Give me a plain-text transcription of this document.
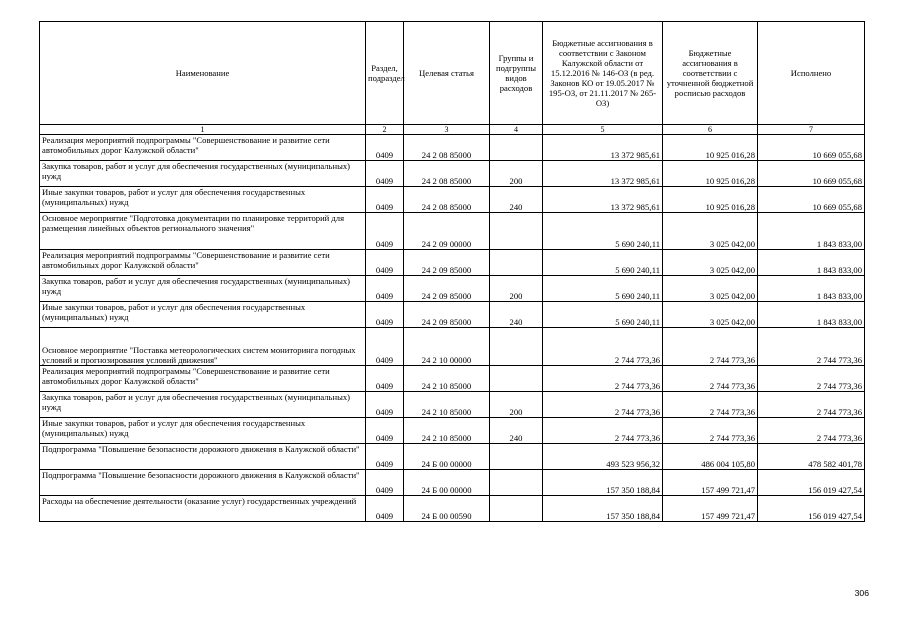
Наименование	Раздел, подраздел	Целевая статья	Группы и подгруппы видов расходов	Бюджетные ассигнования в соответствии с Законом Калужской области от 15.12.2016 № 146-ОЗ (в ред. Законов КО от 19.05.2017 № 195-ОЗ, от 21.11.2017 № 265-ОЗ)	Бюджетные ассигнования в соответствии с уточненной бюджетной росписью расходов	Исполнено
1	2	3	4	5	6	7
Реализация мероприятий подпрограммы "Совершенствование и развитие сети автомобильных дорог Калужской области"	0409	24 2 08 85000		13 372 985,61	10 925 016,28	10 669 055,68
Закупка товаров, работ и услуг для обеспечения государственных (муниципальных) нужд	0409	24 2 08 85000	200	13 372 985,61	10 925 016,28	10 669 055,68
Иные закупки товаров, работ и услуг для обеспечения государственных (муниципальных) нужд	0409	24 2 08 85000	240	13 372 985,61	10 925 016,28	10 669 055,68
Основное мероприятие "Подготовка документации по планировке территорий для размещения линейных объектов регионального значения"	0409	24 2 09 00000		5 690 240,11	3 025 042,00	1 843 833,00
Реализация мероприятий подпрограммы "Совершенствование и развитие сети автомобильных дорог Калужской области"	0409	24 2 09 85000		5 690 240,11	3 025 042,00	1 843 833,00
Закупка товаров, работ и услуг для обеспечения государственных (муниципальных) нужд	0409	24 2 09 85000	200	5 690 240,11	3 025 042,00	1 843 833,00
Иные закупки товаров, работ и услуг для обеспечения государственных (муниципальных) нужд	0409	24 2 09 85000	240	5 690 240,11	3 025 042,00	1 843 833,00
Основное мероприятие "Поставка метеорологических систем мониторинга погодных условий и прогнозирования условий движения"	0409	24 2 10 00000		2 744 773,36	2 744 773,36	2 744 773,36
Реализация мероприятий подпрограммы "Совершенствование и развитие сети автомобильных дорог Калужской области"	0409	24 2 10 85000		2 744 773,36	2 744 773,36	2 744 773,36
Закупка товаров, работ и услуг для обеспечения государственных (муниципальных) нужд	0409	24 2 10 85000	200	2 744 773,36	2 744 773,36	2 744 773,36
Иные закупки товаров, работ и услуг для обеспечения государственных (муниципальных) нужд	0409	24 2 10 85000	240	2 744 773,36	2 744 773,36	2 744 773,36
Подпрограмма "Повышение безопасности дорожного движения в Калужской области"	0409	24 Б 00 00000		493 523 956,32	486 004 105,80	478 582 401,78
Подпрограмма "Повышение безопасности дорожного движения в Калужской области"	0409	24 Б 00 00000		157 350 188,84	157 499 721,47	156 019 427,54
Расходы на обеспечение деятельности (оказание услуг) государственных учреждений	0409	24 Б 00 00590		157 350 188,84	157 499 721,47	156 019 427,54
306
